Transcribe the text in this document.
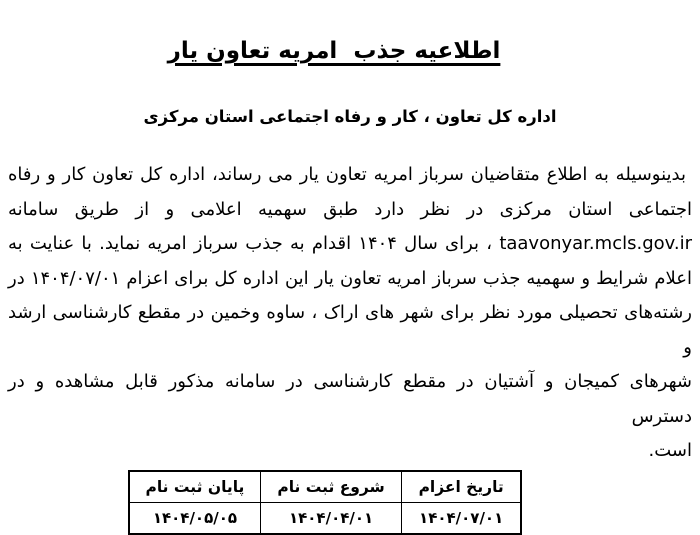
اطلاعیه جذب  امریه تعاون یار

اداره کل تعاون ، کار و رفاه اجتماعی استان مرکزی
بدینوسیله به اطلاع متقاضیان سرباز امریه تعاون یار می رساند، اداره کل تعاون کار و رفاه
اجتماعی استان مرکزی در نظر دارد طبق سهمیه اعلامی و از طریق سامانه
taavonyar.mcls.gov.ir ، برای سال ۱۴۰۴ اقدام به جذب سرباز امریه نماید. با عنایت به
اعلام شرایط و سهمیه جذب سرباز امریه تعاون یار این اداره کل برای اعزام ۱۴۰۴/۰۷/۰۱ در
رشته‌های تحصیلی مورد نظر برای شهر های اراک ، ساوه وخمین در مقطع کارشناسی ارشد و
شهرهای کمیجان و آشتیان در مقطع کارشناسی در سامانه مذکور قابل مشاهده و در دسترس
است.
تاریخ اعزام	شروع ثبت نام	پایان ثبت نام
۱۴۰۴/۰۷/۰۱	۱۴۰۴/۰۴/۰۱	۱۴۰۴/۰۵/۰۵
